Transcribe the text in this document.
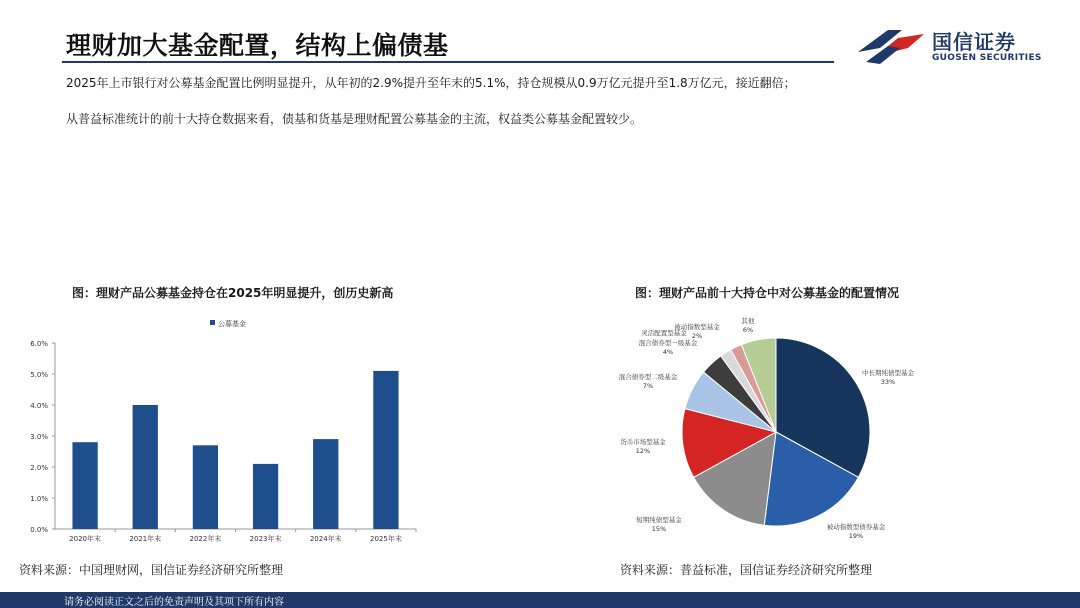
理财加大基金配置，结构上偏债基	国信证券
GUOSEN SECURITIES
2025年上市银行对公募基金配置比例明显提升，从年初的2.9%提升至年末的5.1%，持仓规模从0.9万亿元提升至1.8万亿元，接近翻倍；
从普益标准统计的前十大持仓数据来看，债基和货基是理财配置公募基金的主流，权益类公募基金配置较少。
图：理财产品公募基金持仓在2025年明显提升，创历史新高	图：理财产品前十大持仓中对公募基金的配置情况
0.0%
1.0%
2.0%
3.0%
4.0%
5.0%
6.0%
2020年末	2021年末	2022年末	2023年末	2024年末	2025年末
公募基金
中长期纯债型基金
33%
被动指数型债券基金
19%
短期纯债型基金
15%
货币市场型基金
12%
混合债券型二级基金
7%
混合债券型一级基金
4%
灵活配置型基金
被动指数型基金
2%
其他
6%
资料来源：中国理财网，国信证券经济研究所整理	资料来源：普益标准，国信证券经济研究所整理
请务必阅读正文之后的免责声明及其项下所有内容
